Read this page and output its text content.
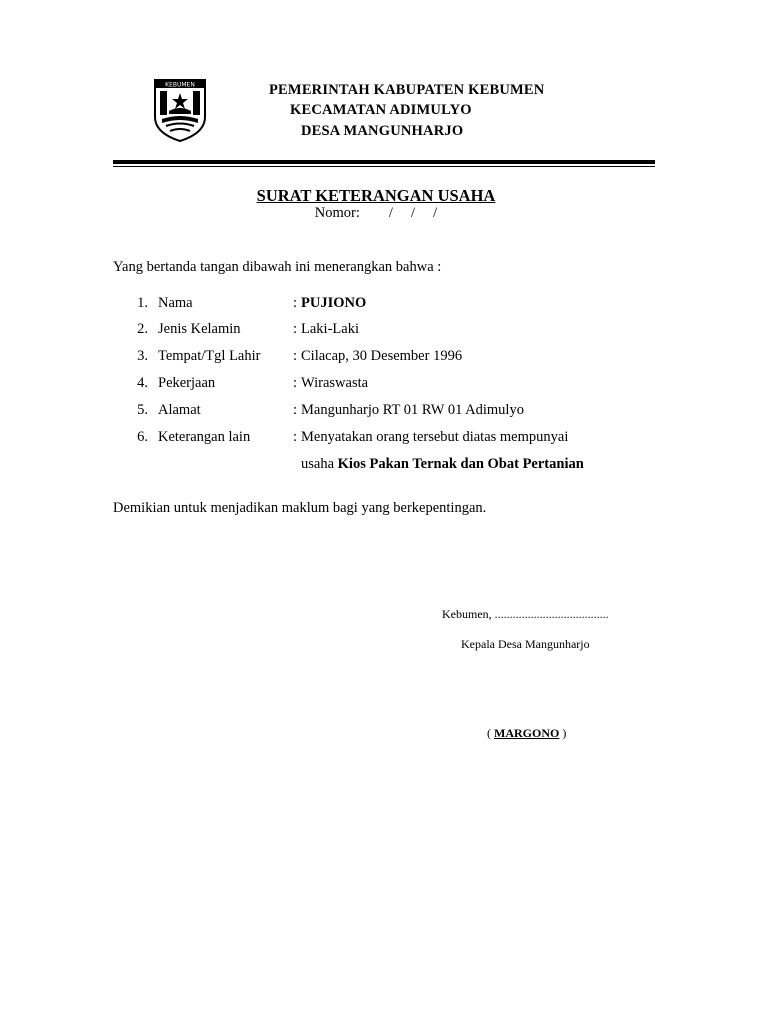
KEBUMEN	PEMERINTAH KABUPATEN KEBUMEN
KECAMATAN ADIMULYO
DESA MANGUNHARJO
SURAT KETERANGAN USAHA
Nomor:        /     /     /
Yang bertanda tangan dibawah ini menerangkan bahwa :
1. Nama	: PUJIONO
2. Jenis Kelamin	: Laki-Laki
3. Tempat/Tgl Lahir : Cilacap, 30 Desember 1996
4. Pekerjaan	: Wiraswasta
5. Alamat	: Mangunharjo RT 01 RW 01 Adimulyo
6. Keterangan lain	: Menyatakan orang tersebut diatas mempunyai
usaha Kios Pakan Ternak dan Obat Pertanian
Demikian untuk menjadikan maklum bagi yang berkepentingan.
Kebumen, ......................................
Kepala Desa Mangunharjo
( MARGONO )
